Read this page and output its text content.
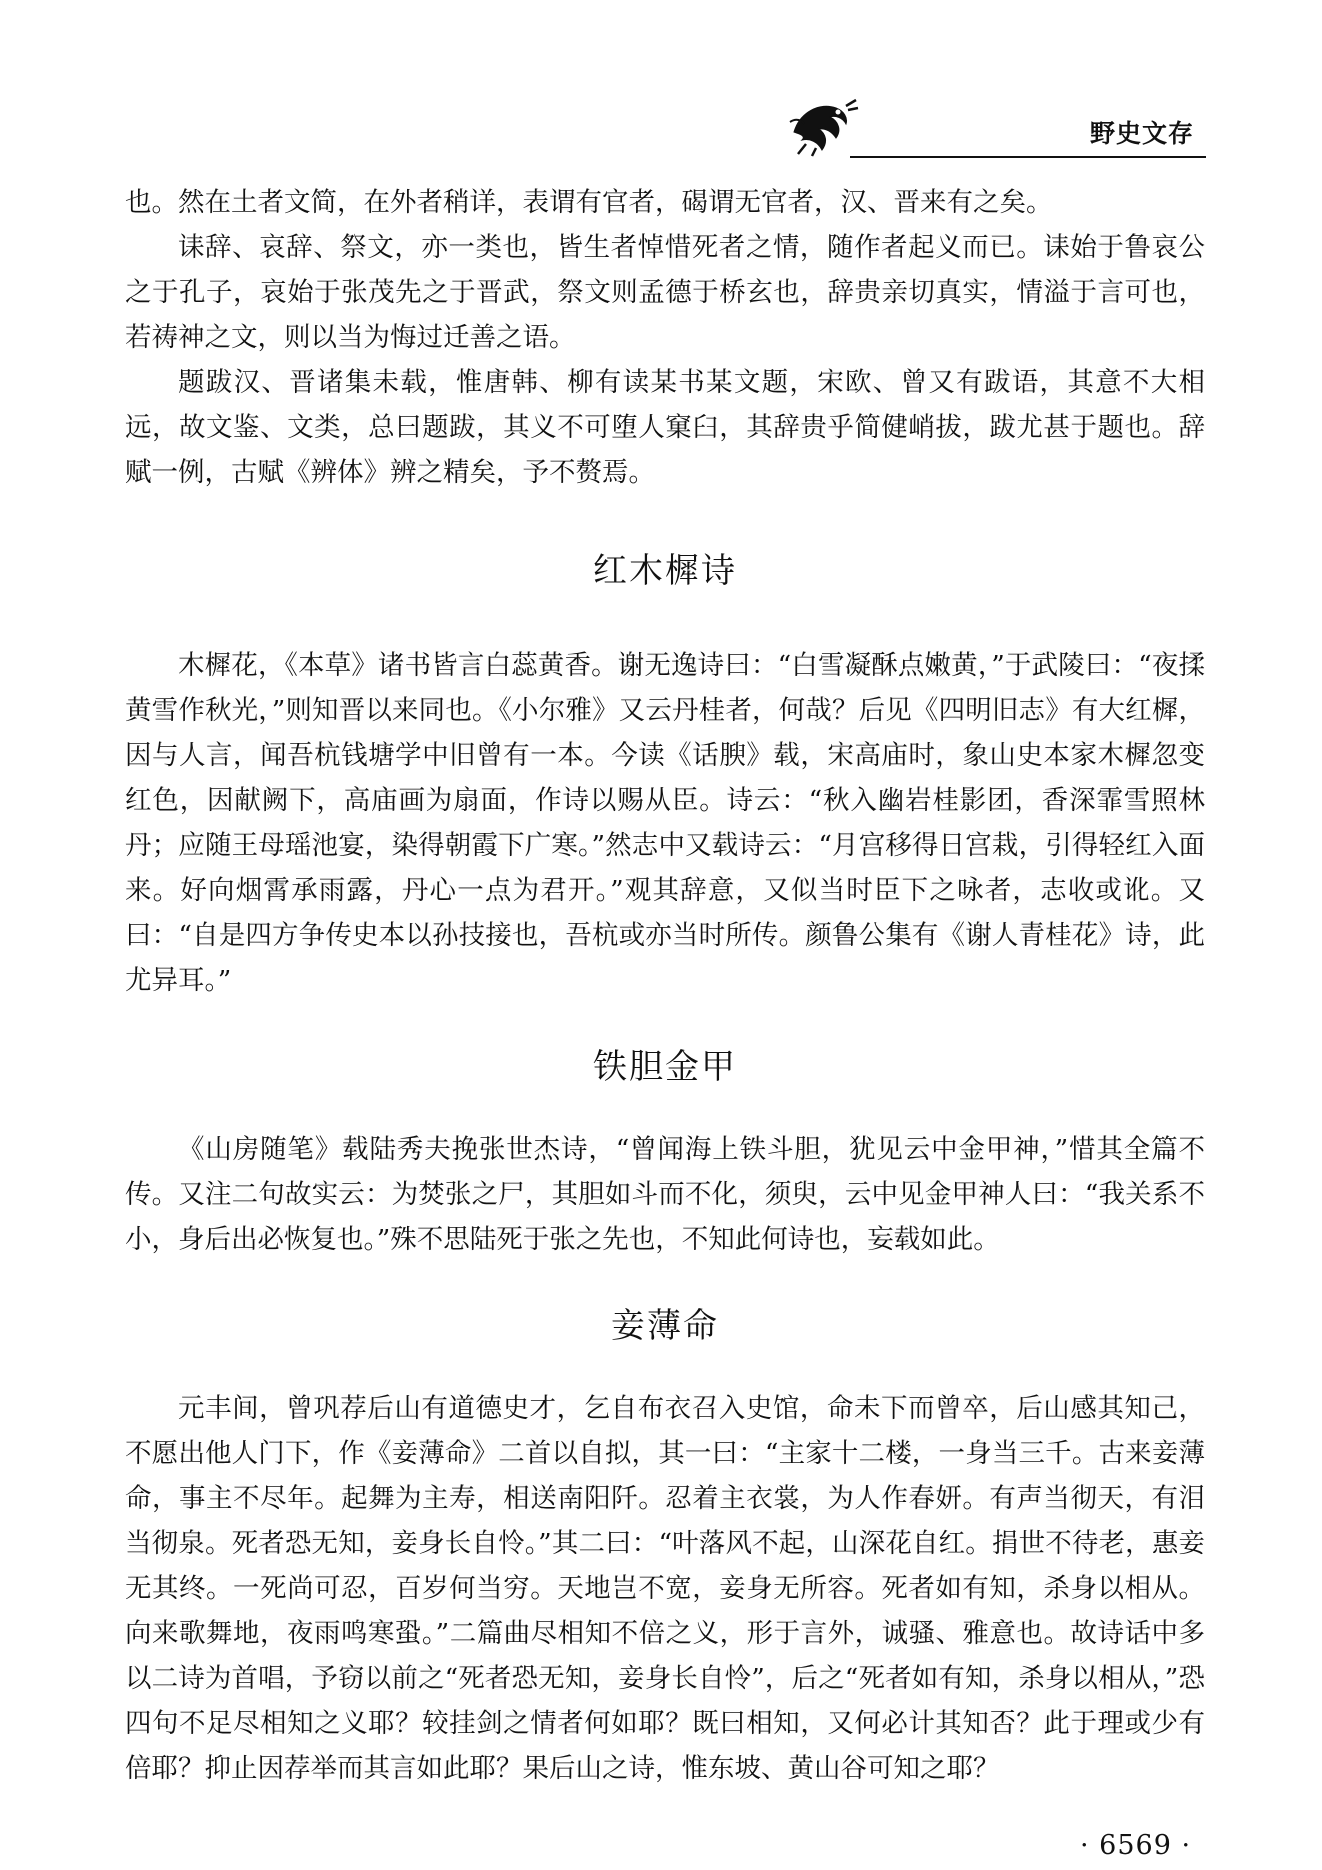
野史文存

也。然在土者文简，在外者稍详，表谓有官者，碣谓无官者，汉、晋来有之矣。

诔辞、哀辞、祭文，亦一类也，皆生者悼惜死者之情，随作者起义而已。诔始于鲁哀公之于孔子，哀始于张茂先之于晋武，祭文则孟德于桥玄也，辞贵亲切真实，情溢于言可也，若祷神之文，则以当为悔过迁善之语。

题跋汉、晋诸集未载，惟唐韩、柳有读某书某文题，宋欧、曾又有跋语，其意不大相远，故文鉴、文类，总曰题跋，其义不可堕人窠臼，其辞贵乎简健峭拔，跋尤甚于题也。辞赋一例，古赋《辨体》辨之精矣，予不赘焉。

红木樨诗

木樨花，《本草》诸书皆言白蕊黄香。谢无逸诗曰：“白雪凝酥点嫩黄，”于武陵曰：“夜揉黄雪作秋光，”则知晋以来同也。《小尔雅》又云丹桂者，何哉？后见《四明旧志》有大红樨，因与人言，闻吾杭钱塘学中旧曾有一本。今读《话腴》载，宋高庙时，象山史本家木樨忽变红色，因献阙下，高庙画为扇面，作诗以赐从臣。诗云：“秋入幽岩桂影团，香深霏雪照林丹；应随王母瑶池宴，染得朝霞下广寒。”然志中又载诗云：“月宫移得日宫栽，引得轻红入面来。好向烟霄承雨露，丹心一点为君开。”观其辞意，又似当时臣下之咏者，志收或讹。又曰：“自是四方争传史本以孙技接也，吾杭或亦当时所传。颜鲁公集有《谢人青桂花》诗，此尤异耳。”

铁胆金甲

《山房随笔》载陆秀夫挽张世杰诗，“曾闻海上铁斗胆，犹见云中金甲神，”惜其全篇不传。又注二句故实云：为焚张之尸，其胆如斗而不化，须臾，云中见金甲神人曰：“我关系不小，身后出必恢复也。”殊不思陆死于张之先也，不知此何诗也，妄载如此。

妾薄命

元丰间，曾巩荐后山有道德史才，乞自布衣召入史馆，命未下而曾卒，后山感其知己，不愿出他人门下，作《妾薄命》二首以自拟，其一曰：“主家十二楼，一身当三千。古来妾薄命，事主不尽年。起舞为主寿，相送南阳阡。忍着主衣裳，为人作春妍。有声当彻天，有泪当彻泉。死者恐无知，妾身长自怜。”其二曰：“叶落风不起，山深花自红。捐世不待老，惠妾无其终。一死尚可忍，百岁何当穷。天地岂不宽，妾身无所容。死者如有知，杀身以相从。向来歌舞地，夜雨鸣寒蛩。”二篇曲尽相知不倍之义，形于言外，诚骚、雅意也。故诗话中多以二诗为首唱，予窃以前之“死者恐无知，妾身长自怜”，后之“死者如有知，杀身以相从，”恐四句不足尽相知之义耶？较挂剑之情者何如耶？既曰相知，又何必计其知否？此于理或少有倍耶？抑止因荐举而其言如此耶？果后山之诗，惟东坡、黄山谷可知之耶？

· 6569 ·
